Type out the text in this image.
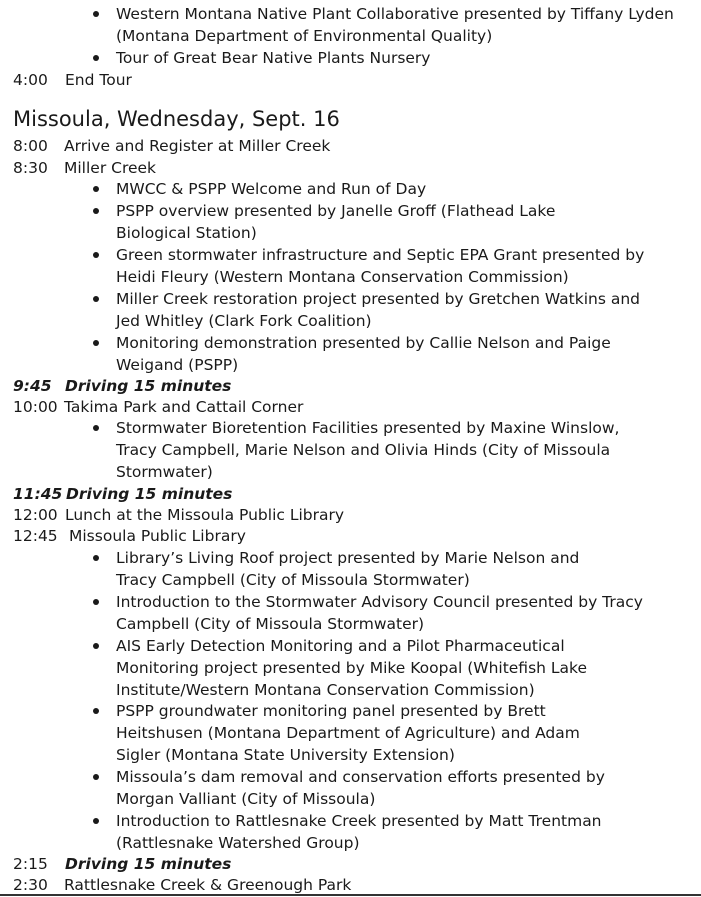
Western Montana Native Plant Collaborative presented by Tiffany Lyden (Montana Department of Environmental Quality)
Tour of Great Bear Native Plants Nursery
4:00 End Tour
Missoula, Wednesday, Sept. 16
8:00 Arrive and Register at Miller Creek
8:30 Miller Creek
MWCC & PSPP Welcome and Run of Day
PSPP overview presented by Janelle Groff (Flathead Lake Biological Station)
Green stormwater infrastructure and Septic EPA Grant presented by Heidi Fleury (Western Montana Conservation Commission)
Miller Creek restoration project presented by Gretchen Watkins and Jed Whitley (Clark Fork Coalition)
Monitoring demonstration presented by Callie Nelson and Paige Weigand (PSPP)
9:45 Driving 15 minutes
10:00 Takima Park and Cattail Corner
Stormwater Bioretention Facilities presented by Maxine Winslow, Tracy Campbell, Marie Nelson and Olivia Hinds (City of Missoula Stormwater)
11:45 Driving 15 minutes
12:00 Lunch at the Missoula Public Library
12:45 Missoula Public Library
Library’s Living Roof project presented by Marie Nelson and Tracy Campbell (City of Missoula Stormwater)
Introduction to the Stormwater Advisory Council presented by Tracy Campbell (City of Missoula Stormwater)
AIS Early Detection Monitoring and a Pilot Pharmaceutical Monitoring project presented by Mike Koopal (Whitefish Lake Institute/Western Montana Conservation Commission)
PSPP groundwater monitoring panel presented by Brett Heitshusen (Montana Department of Agriculture) and Adam Sigler (Montana State University Extension)
Missoula’s dam removal and conservation efforts presented by Morgan Valliant (City of Missoula)
Introduction to Rattlesnake Creek presented by Matt Trentman (Rattlesnake Watershed Group)
2:15 Driving 15 minutes
2:30 Rattlesnake Creek & Greenough Park
